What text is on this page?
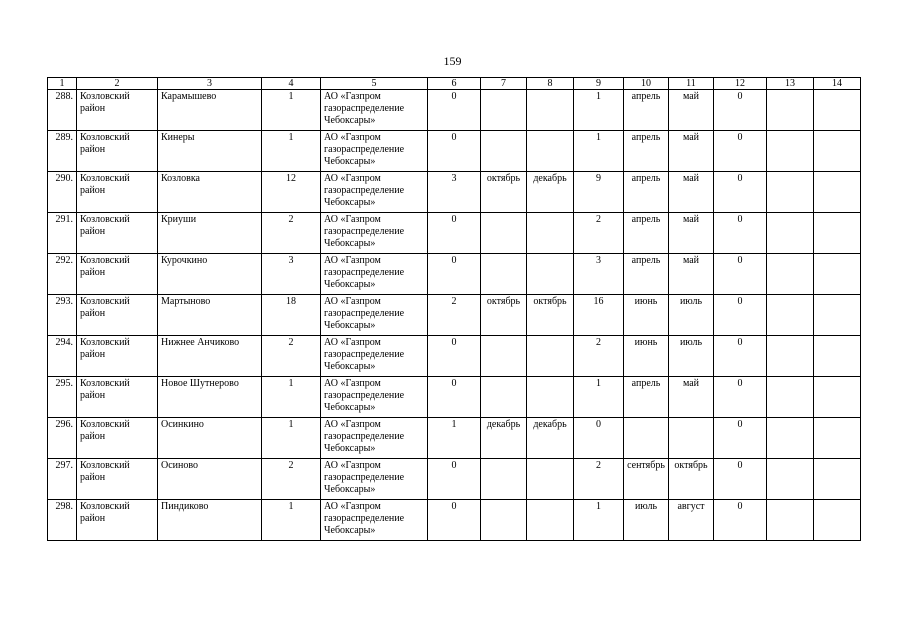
159
1	2	3	4	5	6	7	8	9	10	11	12	13	14
288.	Козловский район	Карамышево	1	АО «Газпром газораспределение Чебоксары»	0			1	апрель	май	0		
289.	Козловский район	Кинеры	1	АО «Газпром газораспределение Чебоксары»	0			1	апрель	май	0		
290.	Козловский район	Козловка	12	АО «Газпром газораспределение Чебоксары»	3	октябрь	декабрь	9	апрель	май	0		
291.	Козловский район	Криуши	2	АО «Газпром газораспределение Чебоксары»	0			2	апрель	май	0		
292.	Козловский район	Курочкино	3	АО «Газпром газораспределение Чебоксары»	0			3	апрель	май	0		
293.	Козловский район	Мартыново	18	АО «Газпром газораспределение Чебоксары»	2	октябрь	октябрь	16	июнь	июль	0		
294.	Козловский район	Нижнее Анчиково	2	АО «Газпром газораспределение Чебоксары»	0			2	июнь	июль	0		
295.	Козловский район	Новое Шутнерово	1	АО «Газпром газораспределение Чебоксары»	0			1	апрель	май	0		
296.	Козловский район	Осинкино	1	АО «Газпром газораспределение Чебоксары»	1	декабрь	декабрь	0			0		
297.	Козловский район	Осиново	2	АО «Газпром газораспределение Чебоксары»	0			2	сентябрь	октябрь	0		
298.	Козловский район	Пиндиково	1	АО «Газпром газораспределение Чебоксары»	0			1	июль	август	0		
